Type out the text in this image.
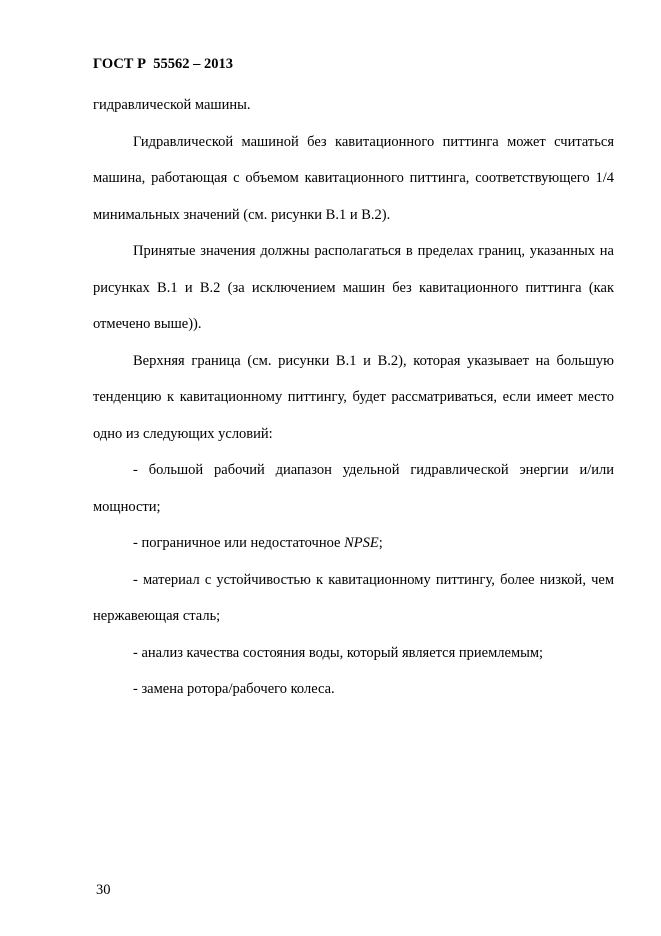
ГОСТ Р  55562 – 2013

гидравлической машины.

Гидравлической машиной без кавитационного питтинга может считаться машина, работающая с объемом кавитационного питтинга, соответствующего 1/4 минимальных значений (см. рисунки В.1 и В.2).

Принятые значения должны располагаться в пределах границ, указанных на рисунках В.1 и В.2 (за исключением машин без кавитационного питтинга (как отмечено выше)).

Верхняя граница (см. рисунки В.1 и В.2), которая указывает на большую тенденцию к кавитационному питтингу, будет рассматриваться, если имеет место одно из следующих условий:

- большой рабочий диапазон удельной гидравлической энергии и/или мощности;

- пограничное или недостаточное NPSE;

- материал с устойчивостью к кавитационному питтингу, более низкой, чем нержавеющая сталь;

- анализ качества состояния воды, который является приемлемым;

- замена ротора/рабочего колеса.

30
